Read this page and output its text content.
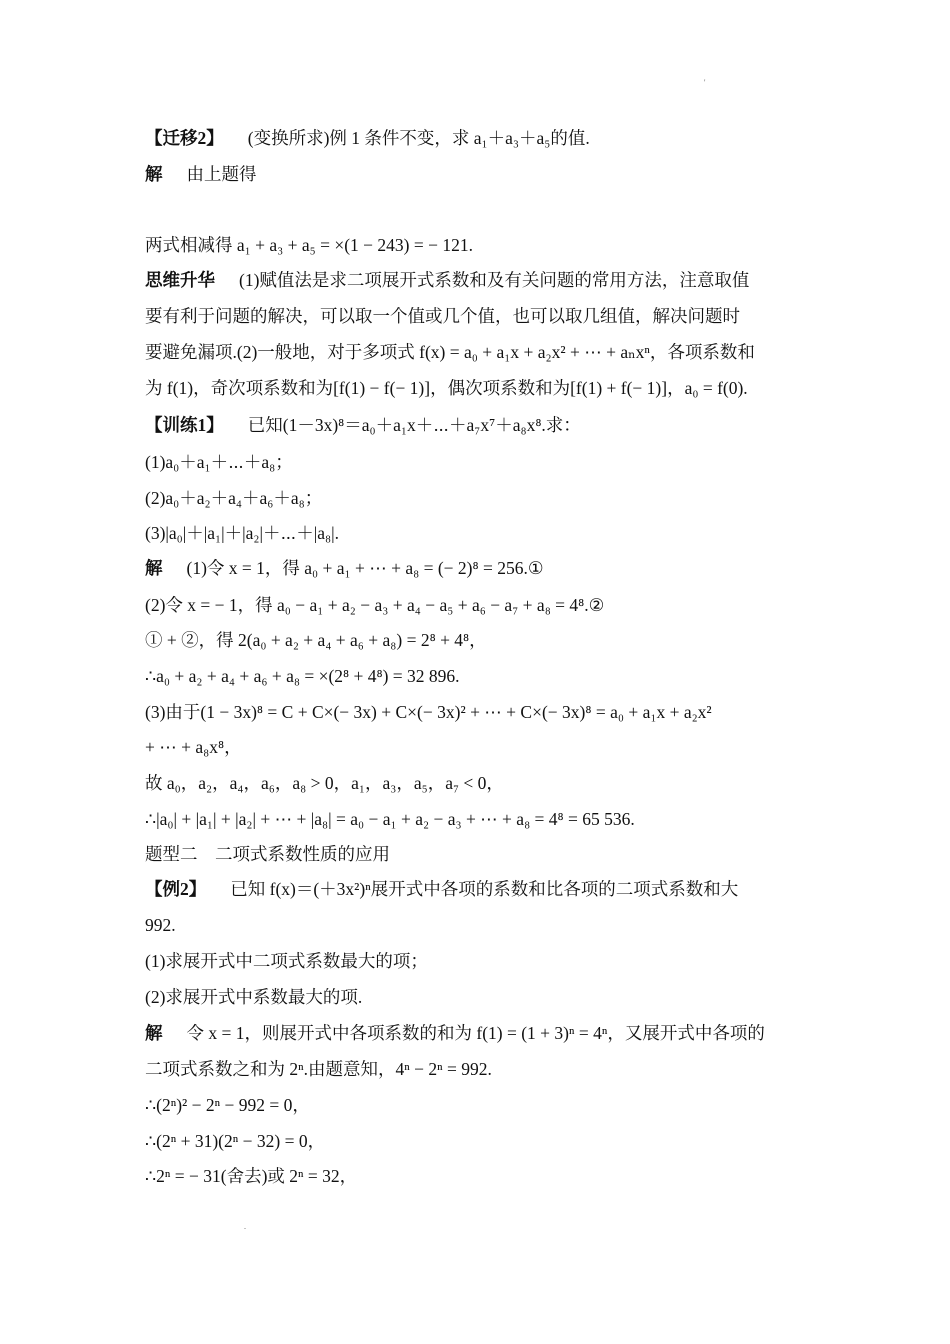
'
【迁移2】 (变换所求)例 1 条件不变，求 a₁＋a₃＋a₅的值.
解 由上题得
两式相减得 a₁ + a₃ + a₅ = ×(1 − 243) = − 121.
思维升华 (1)赋值法是求二项展开式系数和及有关问题的常用方法，注意取值
要有利于问题的解决，可以取一个值或几个值，也可以取几组值，解决问题时
要避免漏项.(2)一般地，对于多项式 f(x) = a₀ + a₁x + a₂x² + ⋯ + aₙxⁿ，各项系数和
为 f(1)，奇次项系数和为[f(1) − f(− 1)]，偶次项系数和为[f(1) + f(− 1)]，a₀ = f(0).
【训练1】 已知(1－3x)⁸＝a₀＋a₁x＋⋯＋a₇x⁷＋a₈x⁸.求：
(1)a₀＋a₁＋⋯＋a₈；
(2)a₀＋a₂＋a₄＋a₆＋a₈；
(3)|a₀|＋|a₁|＋|a₂|＋⋯＋|a₈|.
解 (1)令 x = 1，得 a₀ + a₁ + ⋯ + a₈ = (− 2)⁸ = 256.①
(2)令 x = − 1，得 a₀ − a₁ + a₂ − a₃ + a₄ − a₅ + a₆ − a₇ + a₈ = 4⁸.②
① + ②，得 2(a₀ + a₂ + a₄ + a₆ + a₈) = 2⁸ + 4⁸，
∴a₀ + a₂ + a₄ + a₆ + a₈ = ×(2⁸ + 4⁸) = 32 896.
(3)由于(1 − 3x)⁸ = C + C×(− 3x) + C×(− 3x)² + ⋯ + C×(− 3x)⁸ = a₀ + a₁x + a₂x²
+ ⋯ + a₈x⁸，
故 a₀，a₂，a₄，a₆，a₈ > 0，a₁，a₃，a₅，a₇ < 0，
∴|a₀| + |a₁| + |a₂| + ⋯ + |a₈| = a₀ − a₁ + a₂ − a₃ + ⋯ + a₈ = 4⁸ = 65 536.
题型二　二项式系数性质的应用
【例2】 已知 f(x)＝(＋3x²)ⁿ展开式中各项的系数和比各项的二项式系数和大
992.
(1)求展开式中二项式系数最大的项；
(2)求展开式中系数最大的项.
解 令 x = 1，则展开式中各项系数的和为 f(1) = (1 + 3)ⁿ = 4ⁿ，又展开式中各项的
二项式系数之和为 2ⁿ.由题意知，4ⁿ − 2ⁿ = 992.
∴(2ⁿ)² − 2ⁿ − 992 = 0，
∴(2ⁿ + 31)(2ⁿ − 32) = 0，
∴2ⁿ = − 31(舍去)或 2ⁿ = 32，
.
